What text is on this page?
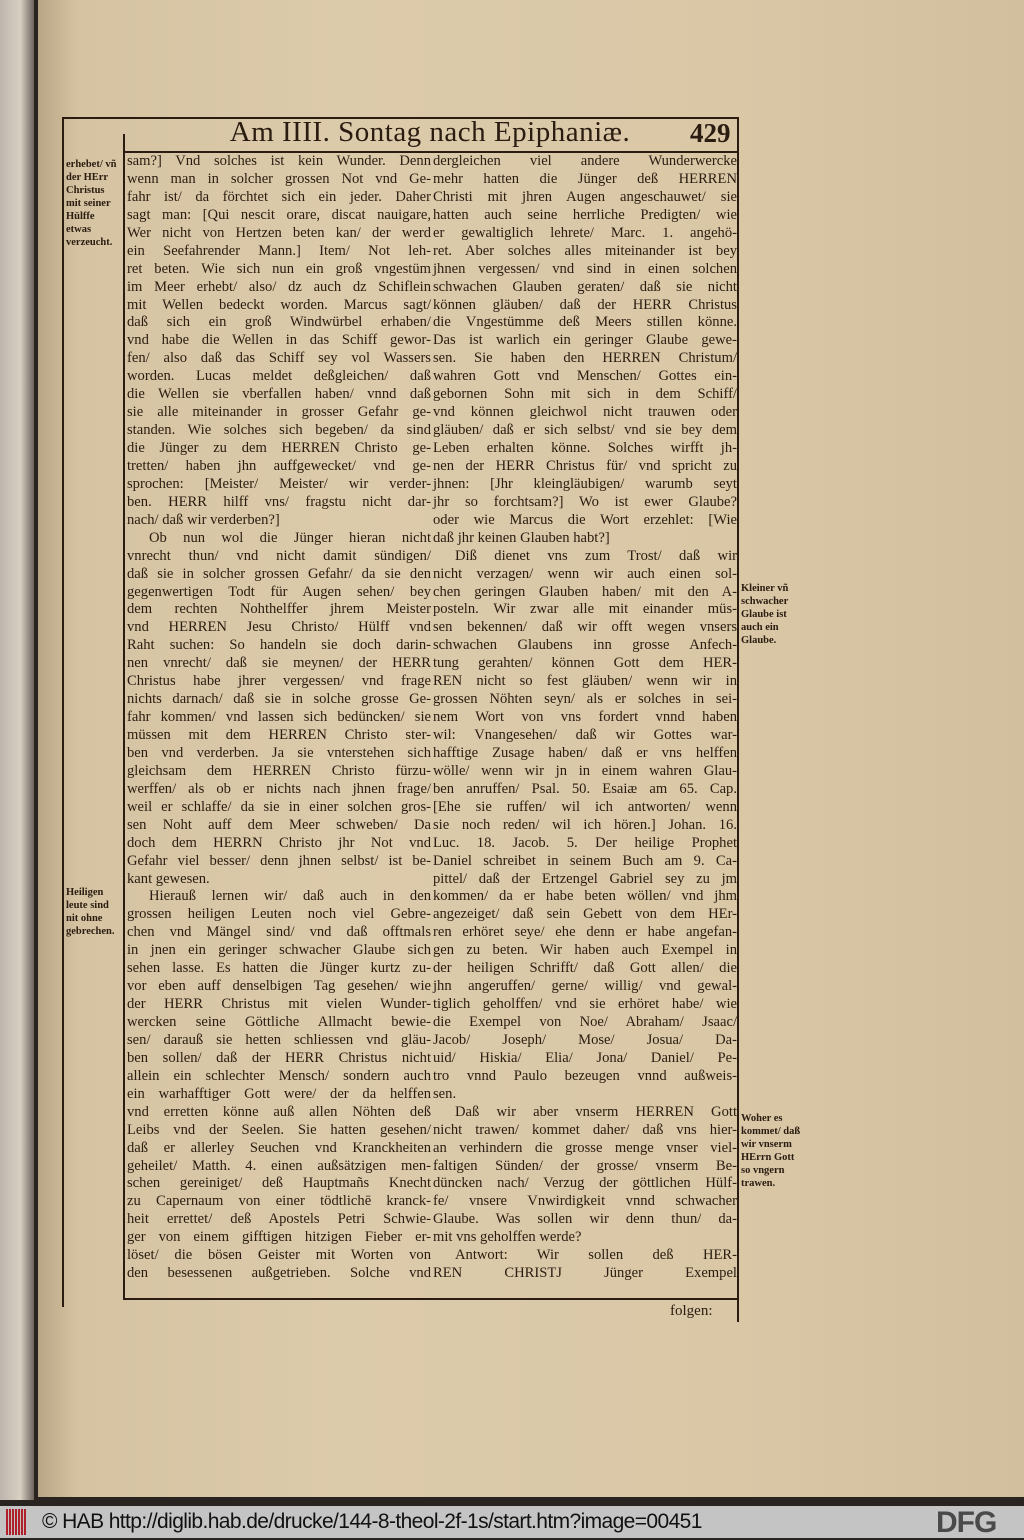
Am IIII. Sontag nach Epiphaniæ.	429
sam?] Vnd solches ist kein Wunder. Denn
wenn man in solcher grossen Not vnd Ge-
fahr ist/ da förchtet sich ein jeder. Daher
sagt man: [Qui nescit orare, discat nauigare,
Wer nicht von Hertzen beten kan/ der werd
ein Seefahrender Mann.] Item/ Not leh-
ret beten. Wie sich nun ein groß vngestüm
im Meer erhebt/ also/ dz auch dz Schiflein
mit Wellen bedeckt worden. Marcus sagt/
daß sich ein groß Windwürbel erhaben/
vnd habe die Wellen in das Schiff gewor-
fen/ also daß das Schiff sey vol Wassers
worden. Lucas meldet deßgleichen/ daß
die Wellen sie vberfallen haben/ vnnd daß
sie alle miteinander in grosser Gefahr ge-
standen. Wie solches sich begeben/ da sind
die Jünger zu dem HERREN Christo ge-
tretten/ haben jhn auffgewecket/ vnd ge-
sprochen: [Meister/ Meister/ wir verder-
ben. HERR hilff vns/ fragstu nicht dar-
nach/ daß wir verderben?]
Ob nun wol die Jünger hieran nicht
vnrecht thun/ vnd nicht damit sündigen/
daß sie in solcher grossen Gefahr/ da sie den
gegenwertigen Todt für Augen sehen/ bey
dem rechten Nohthelffer jhrem Meister
vnd HERREN Jesu Christo/ Hülff vnd
Raht suchen: So handeln sie doch darin-
nen vnrecht/ daß sie meynen/ der HERR
Christus habe jhrer vergessen/ vnd frage
nichts darnach/ daß sie in solche grosse Ge-
fahr kommen/ vnd lassen sich bedüncken/ sie
müssen mit dem HERREN Christo ster-
ben vnd verderben. Ja sie vnterstehen sich
gleichsam dem HERREN Christo fürzu-
werffen/ als ob er nichts nach jhnen frage/
weil er schlaffe/ da sie in einer solchen gros-
sen Noht auff dem Meer schweben/ Da
doch dem HERRN Christo jhr Not vnd
Gefahr viel besser/ denn jhnen selbst/ ist be-
kant gewesen.
Hierauß lernen wir/ daß auch in den
grossen heiligen Leuten noch viel Gebre-
chen vnd Mängel sind/ vnd daß offtmals
in jnen ein geringer schwacher Glaube sich
sehen lasse. Es hatten die Jünger kurtz zu-
vor eben auff denselbigen Tag gesehen/ wie
der HERR Christus mit vielen Wunder-
wercken seine Göttliche Allmacht bewie-
sen/ darauß sie hetten schliessen vnd gläu-
ben sollen/ daß der HERR Christus nicht
allein ein schlechter Mensch/ sondern auch
ein warhafftiger Gott were/ der da helffen
vnd erretten könne auß allen Nöhten deß
Leibs vnd der Seelen. Sie hatten gesehen/
daß er allerley Seuchen vnd Kranckheiten
geheilet/ Matth. 4. einen außsätzigen men-
schen gereiniget/ deß Hauptmañs Knecht
zu Capernaum von einer tödtlichē kranck-
heit errettet/ deß Apostels Petri Schwie-
ger von einem gifftigen hitzigen Fieber er-
löset/ die bösen Geister mit Worten von
den besessenen außgetrieben. Solche vnd
dergleichen viel andere Wunderwercke
mehr hatten die Jünger deß HERREN
Christi mit jhren Augen angeschauwet/ sie
hatten auch seine herrliche Predigten/ wie
er gewaltiglich lehrete/ Marc. 1. angehö-
ret. Aber solches alles miteinander ist bey
jhnen vergessen/ vnd sind in einen solchen
schwachen Glauben geraten/ daß sie nicht
können gläuben/ daß der HERR Christus
die Vngestümme deß Meers stillen könne.
Das ist warlich ein geringer Glaube gewe-
sen. Sie haben den HERREN Christum/
wahren Gott vnd Menschen/ Gottes ein-
gebornen Sohn mit sich in dem Schiff/
vnd können gleichwol nicht trauwen oder
gläuben/ daß er sich selbst/ vnd sie bey dem
Leben erhalten könne. Solches wirfft jh-
nen der HERR Christus für/ vnd spricht zu
jhnen: [Jhr kleingläubigen/ warumb seyt
jhr so forchtsam?] Wo ist ewer Glaube?
oder wie Marcus die Wort erzehlet: [Wie
daß jhr keinen Glauben habt?]
Diß dienet vns zum Trost/ daß wir
nicht verzagen/ wenn wir auch einen sol-
chen geringen Glauben haben/ mit den A-
posteln. Wir zwar alle mit einander müs-
sen bekennen/ daß wir offt wegen vnsers
schwachen Glaubens inn grosse Anfech-
tung gerahten/ können Gott dem HER-
REN nicht so fest gläuben/ wenn wir in
grossen Nöhten seyn/ als er solches in sei-
nem Wort von vns fordert vnnd haben
wil: Vnangesehen/ daß wir Gottes war-
hafftige Zusage haben/ daß er vns helffen
wölle/ wenn wir jn in einem wahren Glau-
ben anruffen/ Psal. 50. Esaiæ am 65. Cap.
[Ehe sie ruffen/ wil ich antworten/ wenn
sie noch reden/ wil ich hören.] Johan. 16.
Luc. 18. Jacob. 5. Der heilige Prophet
Daniel schreibet in seinem Buch am 9. Ca-
pittel/ daß der Ertzengel Gabriel sey zu jm
kommen/ da er habe beten wöllen/ vnd jhm
angezeiget/ daß sein Gebett von dem HEr-
ren erhöret seye/ ehe denn er habe angefan-
gen zu beten. Wir haben auch Exempel in
der heiligen Schrifft/ daß Gott allen/ die
jhn angeruffen/ gerne/ willig/ vnd gewal-
tiglich geholffen/ vnd sie erhöret habe/ wie
die Exempel von Noe/ Abraham/ Jsaac/
Jacob/ Joseph/ Mose/ Josua/ Da-
uid/ Hiskia/ Elia/ Jona/ Daniel/ Pe-
tro vnnd Paulo bezeugen vnnd außweis-
sen.
Daß wir aber vnserm HERREN Gott
nicht trawen/ kommet daher/ daß vns hier-
an verhindern die grosse menge vnser viel-
faltigen Sünden/ der grosse/ vnserm Be-
düncken nach/ Verzug der göttlichen Hülf-
fe/ vnsere Vnwirdigkeit vnnd schwacher
Glaube. Was sollen wir denn thun/ da-
mit vns geholffen werde?
Antwort: Wir sollen deß HER-
REN CHRISTJ Jünger Exempel
erhebet/ vñ der HErr Christus mit seiner Hülffe etwas verzeucht.
Heiligen leute sind nit ohne gebrechen.
Kleiner vñ schwacher Glaube ist auch ein Glaube.
Woher es kommet/ daß wir vnserm HErrn Gott so vngern trawen.
folgen:
© HAB http://diglib.hab.de/drucke/144-8-theol-2f-1s/start.htm?image=00451	DFG
